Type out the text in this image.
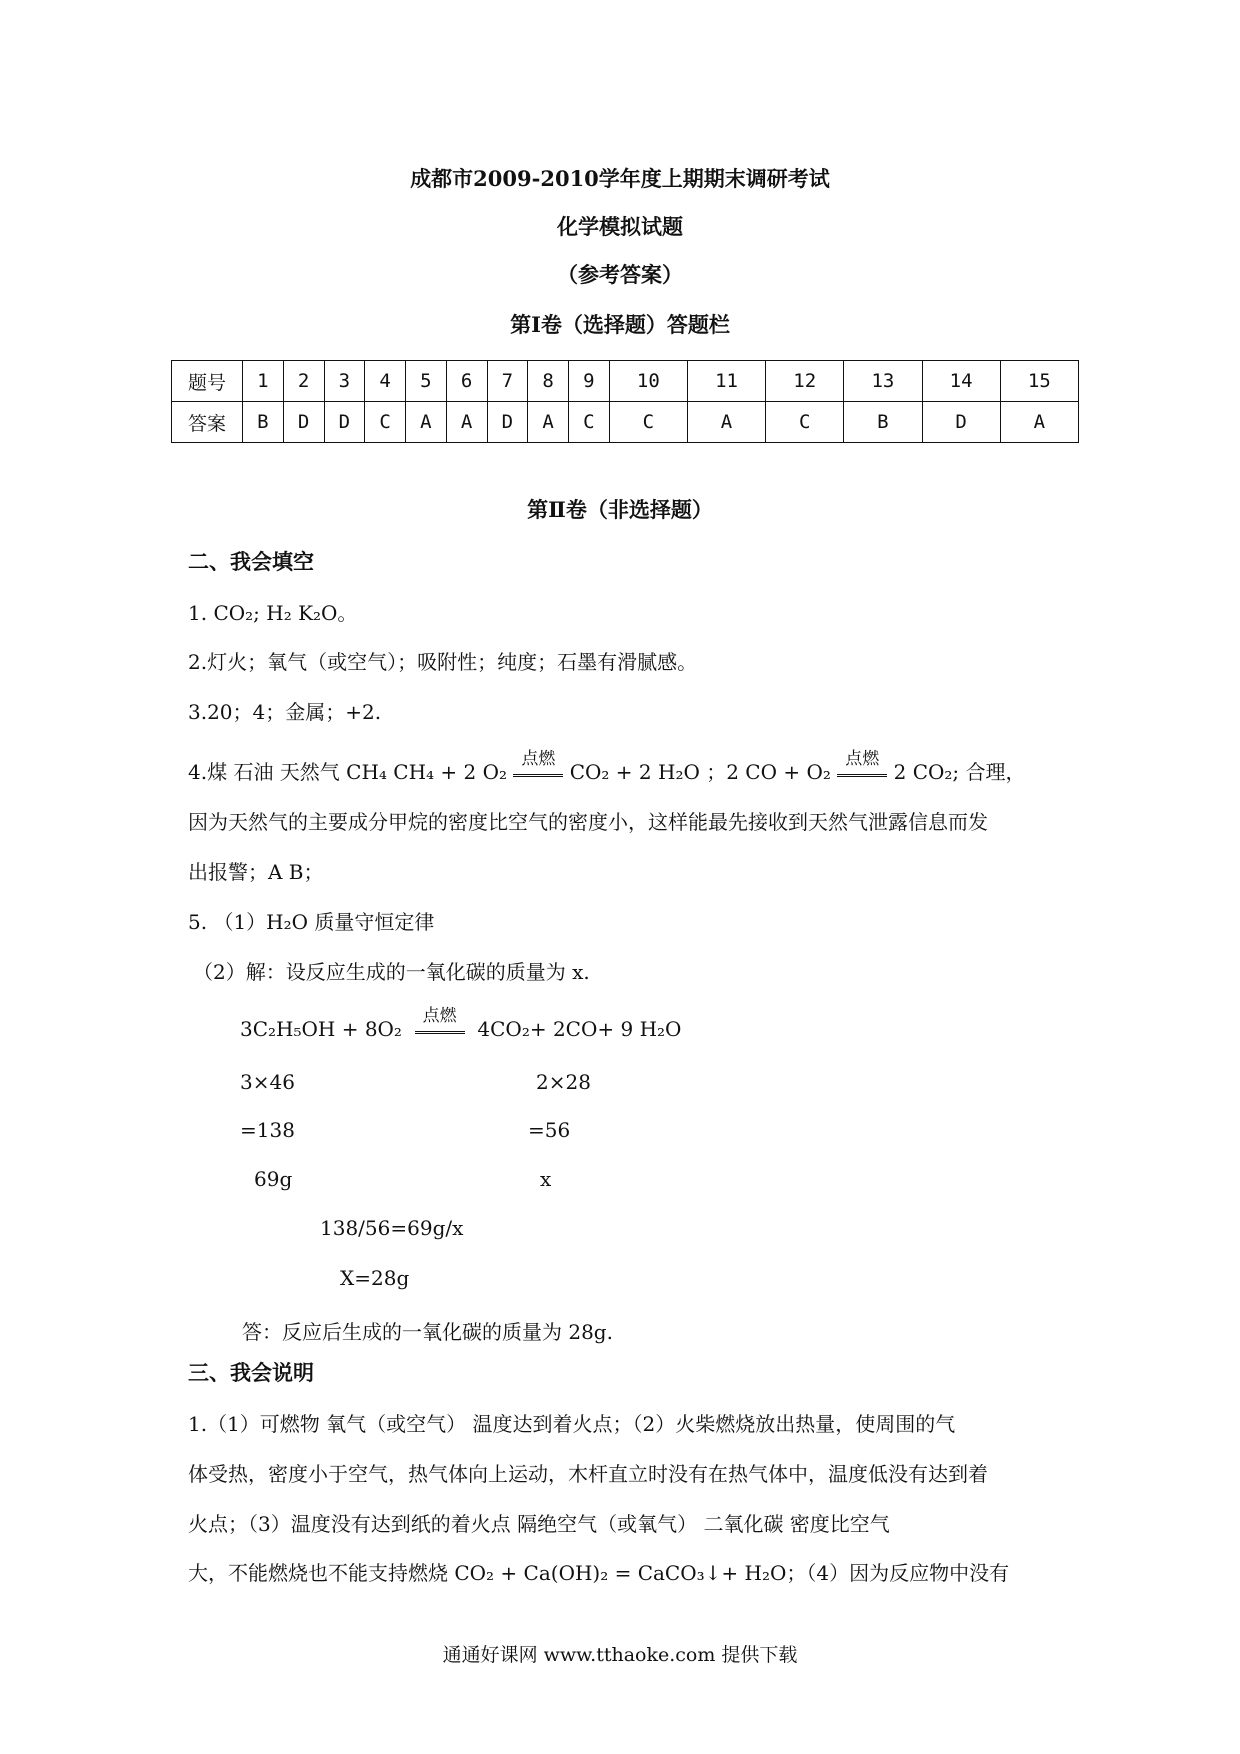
成都市2009-2010学年度上期期末调研考试
化学模拟试题
（参考答案）
第Ⅰ卷（选择题）答题栏
题号	1	2	3	4	5	6	7	8	9	10	11	12	13	14	15
答案	B	D	D	C	A	A	D	A	C	C	A	C	B	D	A
第Ⅱ卷（非选择题）
二、我会填空
1. CO₂; H₂ K₂O。
2.灯火；氧气（或空气）；吸附性；纯度；石墨有滑腻感。
3.20；4；金属；+2.
4.煤 石油 天然气 CH₄ CH₄ + 2 O₂
点燃
CO₂ + 2 H₂O ；2 CO + O₂
点燃
2 CO₂; 合理，
因为天然气的主要成分甲烷的密度比空气的密度小，这样能最先接收到天然气泄露信息而发
出报警；A B；
5. （1）H₂O 质量守恒定律
（2）解：设反应生成的一氧化碳的质量为 x.
3C₂H₅OH + 8O₂
点燃
4CO₂+ 2CO+ 9 H₂O
3×46	2×28
=138	=56
69g	x
138/56=69g/x
X=28g
答：反应后生成的一氧化碳的质量为 28g.
三、我会说明
1.（1）可燃物 氧气（或空气） 温度达到着火点；（2）火柴燃烧放出热量，使周围的气
体受热，密度小于空气，热气体向上运动，木杆直立时没有在热气体中，温度低没有达到着
火点；（3）温度没有达到纸的着火点 隔绝空气（或氧气） 二氧化碳 密度比空气
大，不能燃烧也不能支持燃烧 CO₂ + Ca(OH)₂ = CaCO₃↓+ H₂O；（4）因为反应物中没有
通通好课网 www.tthaoke.com 提供下载
